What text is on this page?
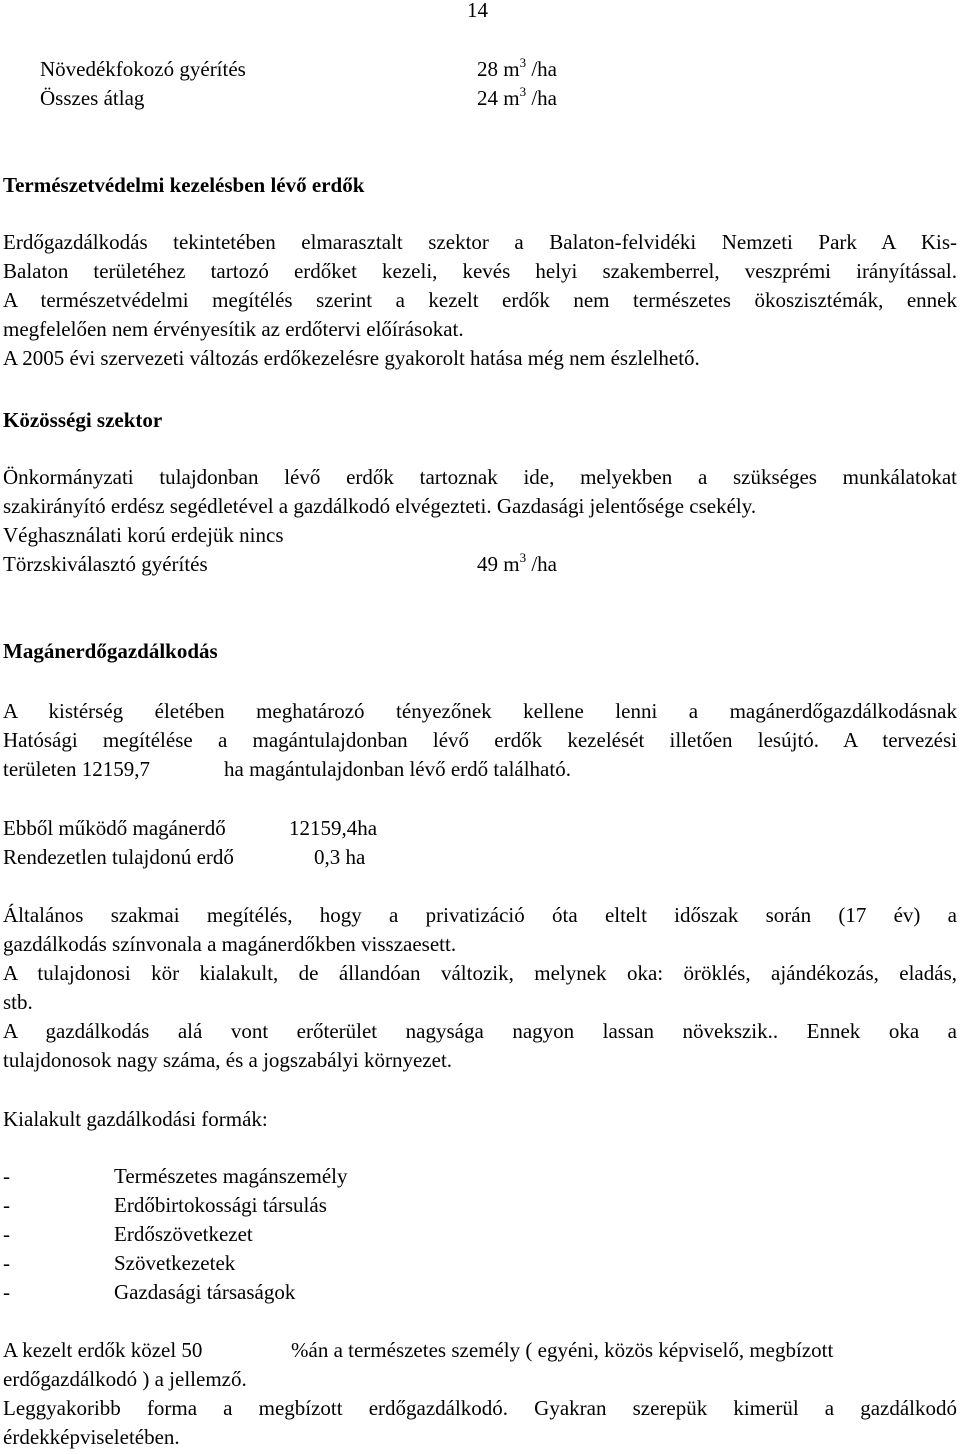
14
Növedékfokozó gyérítés	28 $m^3$ /ha
Összes átlag	24 $m^3$ /ha
Természetvédelmi kezelésben lévő erdők
Erdőgazdálkodás tekintetében elmarasztalt szektor a Balaton-felvidéki Nemzeti Park A Kis-
Balaton területéhez tartozó erdőket kezeli, kevés helyi szakemberrel, veszprémi irányítással.
A természetvédelmi megítélés szerint a kezelt erdők nem természetes ökoszisztémák, ennek
megfelelően nem érvényesítik az erdőtervi előírásokat.
A 2005 évi szervezeti változás erdőkezelésre gyakorolt hatása még nem észlelhető.
Közösségi szektor
Önkormányzati tulajdonban lévő erdők tartoznak ide, melyekben a szükséges munkálatokat
szakirányító erdész segédletével a gazdálkodó elvégezteti. Gazdasági jelentősége csekély.
Véghasználati korú erdejük nincs
Törzskiválasztó gyérítés	49 $m^3$ /ha
Magánerdőgazdálkodás
A kistérség életében meghatározó tényezőnek kellene lenni a magánerdőgazdálkodásnak
Hatósági megítélése a magántulajdonban lévő erdők kezelését illetően lesújtó. A tervezési
területen 12159,7	ha magántulajdonban lévő erdő található.
Ebből működő magánerdő	12159,4ha
Rendezetlen tulajdonú erdő	0,3 ha
Általános szakmai megítélés, hogy a privatizáció óta eltelt időszak során (17 év) a
gazdálkodás színvonala a magánerdőkben visszaesett.
A tulajdonosi kör kialakult, de állandóan változik, melynek oka: öröklés, ajándékozás, eladás,
stb.
A gazdálkodás alá vont erőterület nagysága nagyon lassan növekszik.. Ennek oka a
tulajdonosok nagy száma, és a jogszabályi környezet.
Kialakult gazdálkodási formák:
-	Természetes magánszemély
-	Erdőbirtokossági társulás
-	Erdőszövetkezet
-	Szövetkezetek
-	Gazdasági társaságok
A kezelt erdők közel 50	%án a természetes személy ( egyéni, közös képviselő, megbízott
erdőgazdálkodó ) a jellemző.
Leggyakoribb forma a megbízott erdőgazdálkodó. Gyakran szerepük kimerül a gazdálkodó
érdekképviseletében.
